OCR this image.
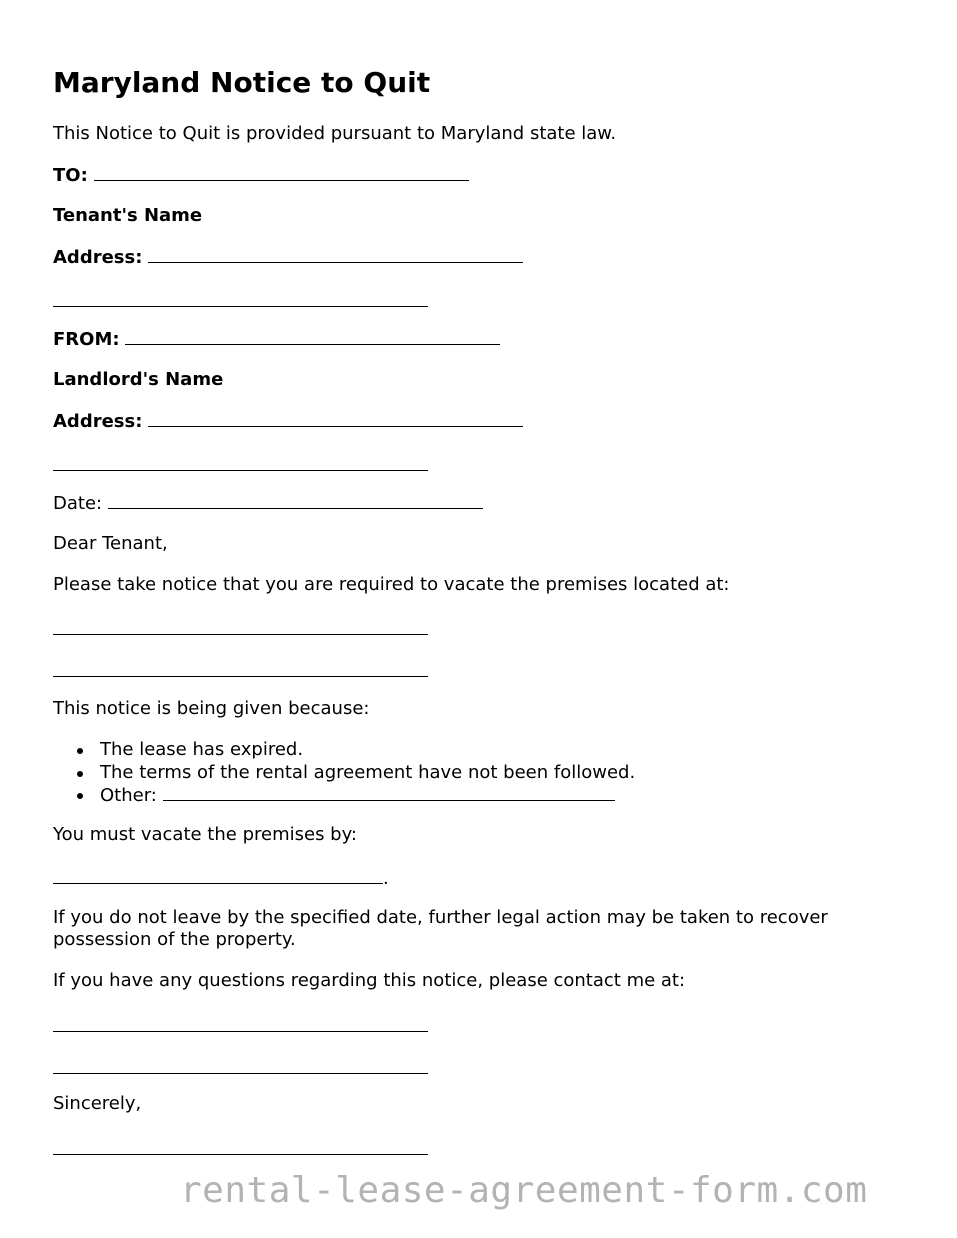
Maryland Notice to Quit
This Notice to Quit is provided pursuant to Maryland state law.
TO:
Tenant's Name
Address:
FROM:
Landlord's Name
Address:
Date:
Dear Tenant,
Please take notice that you are required to vacate the premises located at:
This notice is being given because:
The lease has expired.
The terms of the rental agreement have not been followed.
Other:
You must vacate the premises by:
.
If you do not leave by the specified date, further legal action may be taken to recover possession of the property.
If you have any questions regarding this notice, please contact me at:
Sincerely,
rental-lease-agreement-form.com
